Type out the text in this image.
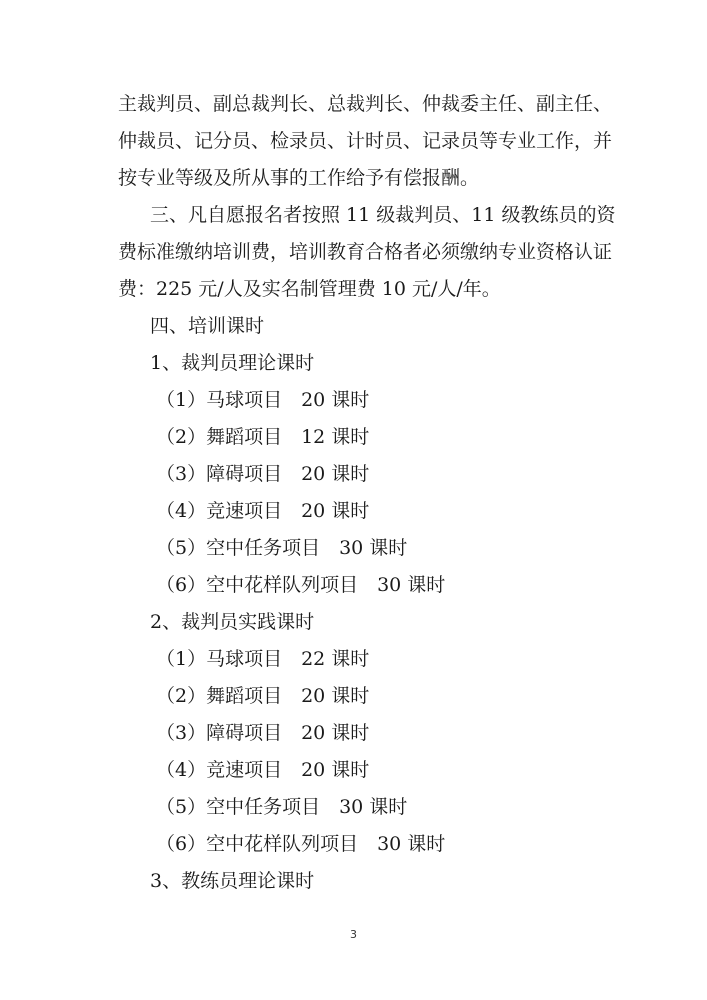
主裁判员、副总裁判长、总裁判长、仲裁委主任、副主任、
仲裁员、记分员、检录员、计时员、记录员等专业工作，并
按专业等级及所从事的工作给予有偿报酬。
三、凡自愿报名者按照 11 级裁判员、11 级教练员的资
费标准缴纳培训费，培训教育合格者必须缴纳专业资格认证
费：225 元/人及实名制管理费 10 元/人/年。
四、培训课时
1、裁判员理论课时
（1）马球项目　20 课时
（2）舞蹈项目　12 课时
（3）障碍项目　20 课时
（4）竞速项目　20 课时
（5）空中任务项目　30 课时
（6）空中花样队列项目　30 课时
2、裁判员实践课时
（1）马球项目　22 课时
（2）舞蹈项目　20 课时
（3）障碍项目　20 课时
（4）竞速项目　20 课时
（5）空中任务项目　30 课时
（6）空中花样队列项目　30 课时
3、教练员理论课时
3
